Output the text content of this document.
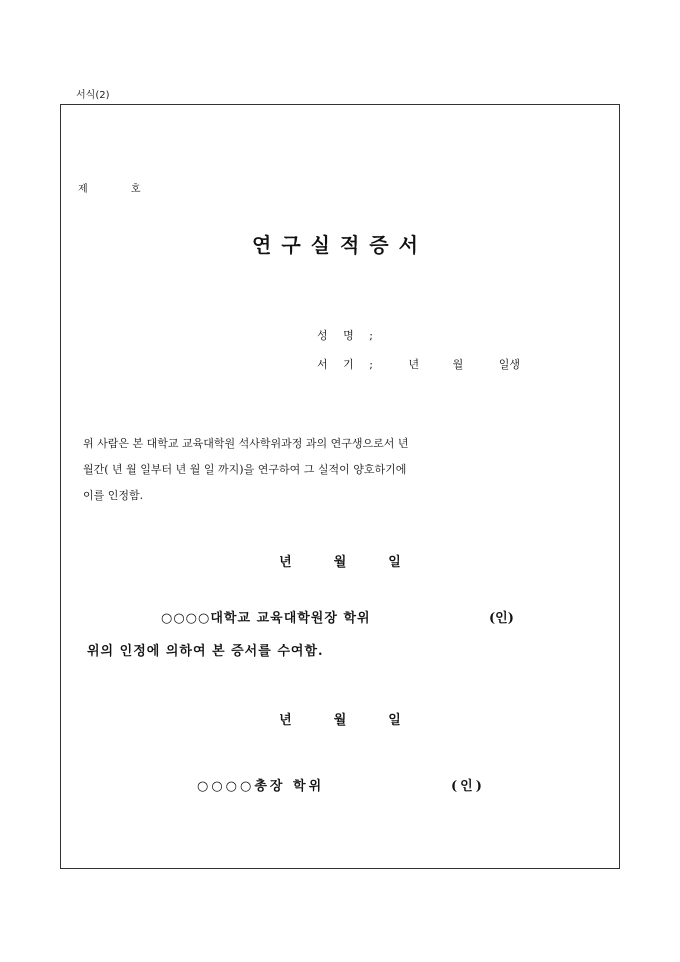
서식(2)
제 호
연구실적증서
성 명 ;
서 기 ;	년	월	일생
위 사람은 본 대학교 교육대학원 석사학위과정 과의 연구생으로서 년
월간( 년 월 일부터 년 월 일 까지)을 연구하여 그 실적이 양호하기에
이를 인정함.
년	월	일
○○○○대학교 교육대학원장 학위	(인)
위의 인정에 의하여 본 증서를 수여함.
년	월	일
○○○○총장 학위	(인)
